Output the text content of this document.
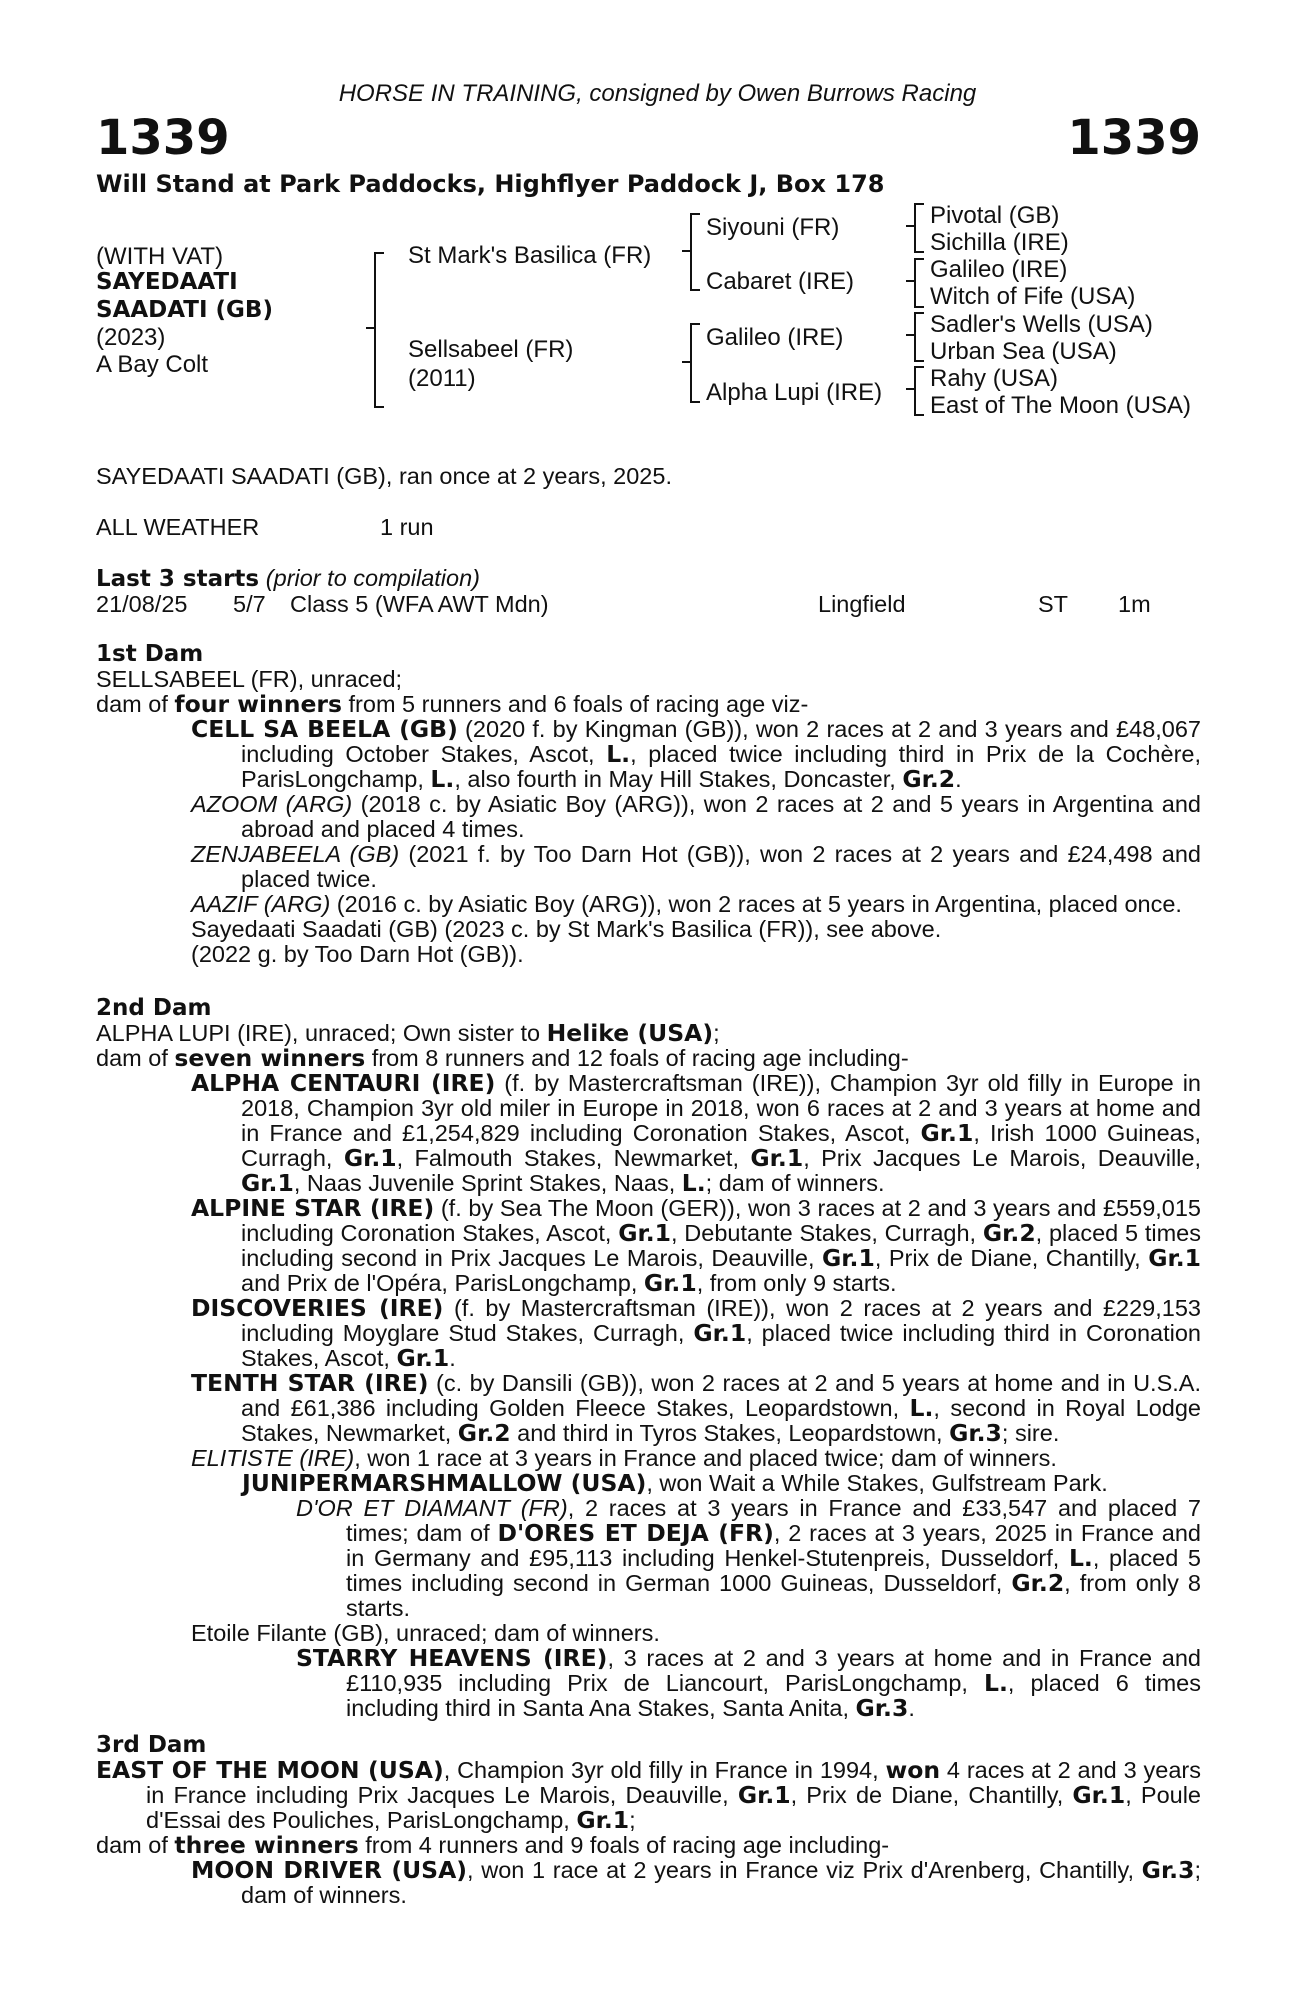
HORSE IN TRAINING, consigned by Owen Burrows Racing
1339	1339
Will Stand at Park Paddocks, Highflyer Paddock J, Box 178
(WITH VAT)
SAYEDAATI
SAADATI (GB)
(2023)
A Bay Colt
St Mark's Basilica (FR)
Sellsabeel (FR)
(2011)
Siyouni (FR)
Cabaret (IRE)
Galileo (IRE)
Alpha Lupi (IRE)
Pivotal (GB)
Sichilla (IRE)
Galileo (IRE)
Witch of Fife (USA)
Sadler's Wells (USA)
Urban Sea (USA)
Rahy (USA)
East of The Moon (USA)
SAYEDAATI SAADATI (GB), ran once at 2 years, 2025.
ALL WEATHER	1 run
Last 3 starts (prior to compilation)
21/08/25 5/7 Class 5 (WFA AWT Mdn)	Lingfield	ST 1m

1st Dam

SELLSABEEL (FR), unraced;

dam of four winners from 5 runners and 6 foals of racing age viz-

CELL SA BEELA (GB) (2020 f. by Kingman (GB)), won 2 races at 2 and 3 years and £48,067 including October Stakes, Ascot, L., placed twice including third in Prix de la Cochère, ParisLongchamp, L., also fourth in May Hill Stakes, Doncaster, Gr.2.

AZOOM (ARG) (2018 c. by Asiatic Boy (ARG)), won 2 races at 2 and 5 years in Argentina and abroad and placed 4 times.

ZENJABEELA (GB) (2021 f. by Too Darn Hot (GB)), won 2 races at 2 years and £24,498 and placed twice.

AAZIF (ARG) (2016 c. by Asiatic Boy (ARG)), won 2 races at 5 years in Argentina, placed once.

Sayedaati Saadati (GB) (2023 c. by St Mark's Basilica (FR)), see above.

(2022 g. by Too Darn Hot (GB)).

2nd Dam

ALPHA LUPI (IRE), unraced; Own sister to Helike (USA);

dam of seven winners from 8 runners and 12 foals of racing age including-

ALPHA CENTAURI (IRE) (f. by Mastercraftsman (IRE)), Champion 3yr old filly in Europe in 2018, Champion 3yr old miler in Europe in 2018, won 6 races at 2 and 3 years at home and in France and £1,254,829 including Coronation Stakes, Ascot, Gr.1, Irish 1000 Guineas, Curragh, Gr.1, Falmouth Stakes, Newmarket, Gr.1, Prix Jacques Le Marois, Deauville, Gr.1, Naas Juvenile Sprint Stakes, Naas, L.; dam of winners.

ALPINE STAR (IRE) (f. by Sea The Moon (GER)), won 3 races at 2 and 3 years and £559,015 including Coronation Stakes, Ascot, Gr.1, Debutante Stakes, Curragh, Gr.2, placed 5 times including second in Prix Jacques Le Marois, Deauville, Gr.1, Prix de Diane, Chantilly, Gr.1 and Prix de l'Opéra, ParisLongchamp, Gr.1, from only 9 starts.

DISCOVERIES (IRE) (f. by Mastercraftsman (IRE)), won 2 races at 2 years and £229,153 including Moyglare Stud Stakes, Curragh, Gr.1, placed twice including third in Coronation Stakes, Ascot, Gr.1.

TENTH STAR (IRE) (c. by Dansili (GB)), won 2 races at 2 and 5 years at home and in U.S.A. and £61,386 including Golden Fleece Stakes, Leopardstown, L., second in Royal Lodge Stakes, Newmarket, Gr.2 and third in Tyros Stakes, Leopardstown, Gr.3; sire.

ELITISTE (IRE), won 1 race at 3 years in France and placed twice; dam of winners.

JUNIPERMARSHMALLOW (USA), won Wait a While Stakes, Gulfstream Park.

D'OR ET DIAMANT (FR), 2 races at 3 years in France and £33,547 and placed 7 times; dam of D'ORES ET DEJA (FR), 2 races at 3 years, 2025 in France and in Germany and £95,113 including Henkel-Stutenpreis, Dusseldorf, L., placed 5 times including second in German 1000 Guineas, Dusseldorf, Gr.2, from only 8 starts.

Etoile Filante (GB), unraced; dam of winners.

STARRY HEAVENS (IRE), 3 races at 2 and 3 years at home and in France and £110,935 including Prix de Liancourt, ParisLongchamp, L., placed 6 times including third in Santa Ana Stakes, Santa Anita, Gr.3.

3rd Dam

EAST OF THE MOON (USA), Champion 3yr old filly in France in 1994, won 4 races at 2 and 3 years in France including Prix Jacques Le Marois, Deauville, Gr.1, Prix de Diane, Chantilly, Gr.1, Poule d'Essai des Pouliches, ParisLongchamp, Gr.1;

dam of three winners from 4 runners and 9 foals of racing age including-

MOON DRIVER (USA), won 1 race at 2 years in France viz Prix d'Arenberg, Chantilly, Gr.3; dam of winners.
